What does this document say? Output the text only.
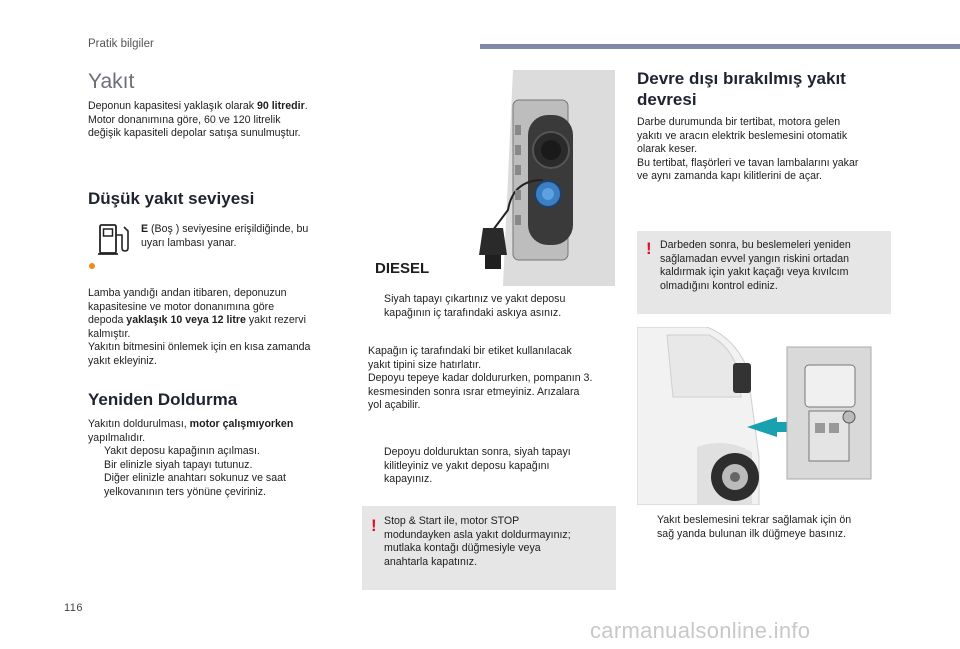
Pratik bilgiler
Yakıt

Deponun kapasitesi yaklaşık olarak 90 litredir.

Motor donanımına göre, 60 ve 120 litrelik

değişik kapasiteli depolar satışa sunulmuştur.

Düşük yakıt seviyesi

E (Boş ) seviyesine erişildiğinde, bu

uyarı lambası yanar.

Lamba yandığı andan itibaren, deponuzun

kapasitesine ve motor donanımına göre

depoda yaklaşık 10 veya 12 litre yakıt rezervi

kalmıştır.

Yakıtın bitmesini önlemek için en kısa zamanda

yakıt ekleyiniz.

Yeniden Doldurma

Yakıtın doldurulması, motor çalışmıyorken

yapılmalıdır.

Yakıt deposu kapağının açılması.

Bir elinizle siyah tapayı tutunuz.

Diğer elinizle anahtarı sokunuz ve saat
yelkovanının ters yönüne çeviriniz.

DIESEL

Siyah tapayı çıkartınız ve yakıt deposu
kapağının iç tarafındaki askıya asınız.

Kapağın iç tarafındaki bir etiket kullanılacak

yakıt tipini size hatırlatır.

Depoyu tepeye kadar doldururken, pompanın 3.

kesmesinden sonra ısrar etmeyiniz. Arızalara

yol açabilir.

Depoyu dolduruktan sonra, siyah tapayı
kilitleyiniz ve yakıt deposu kapağını
kapayınız.

! Stop & Start ile, motor STOP

modundayken asla yakıt doldurmayınız;

mutlaka kontağı düğmesiyle veya

anahtarla kapatınız.

Devre dışı bırakılmış yakıt
devresi

Darbe durumunda bir tertibat, motora gelen

yakıtı ve aracın elektrik beslemesini otomatik

olarak keser.

Bu tertibat, flaşörleri ve tavan lambalarını yakar

ve aynı zamanda kapı kilitlerini de açar.

! Darbeden sonra, bu beslemeleri yeniden

sağlamadan evvel yangın riskini ortadan

kaldırmak için yakıt kaçağı veya kıvılcım

olmadığını kontrol ediniz.

Yakıt beslemesini tekrar sağlamak için ön
sağ yanda bulunan ilk düğmeye basınız.

116
carmanualsonline.info
